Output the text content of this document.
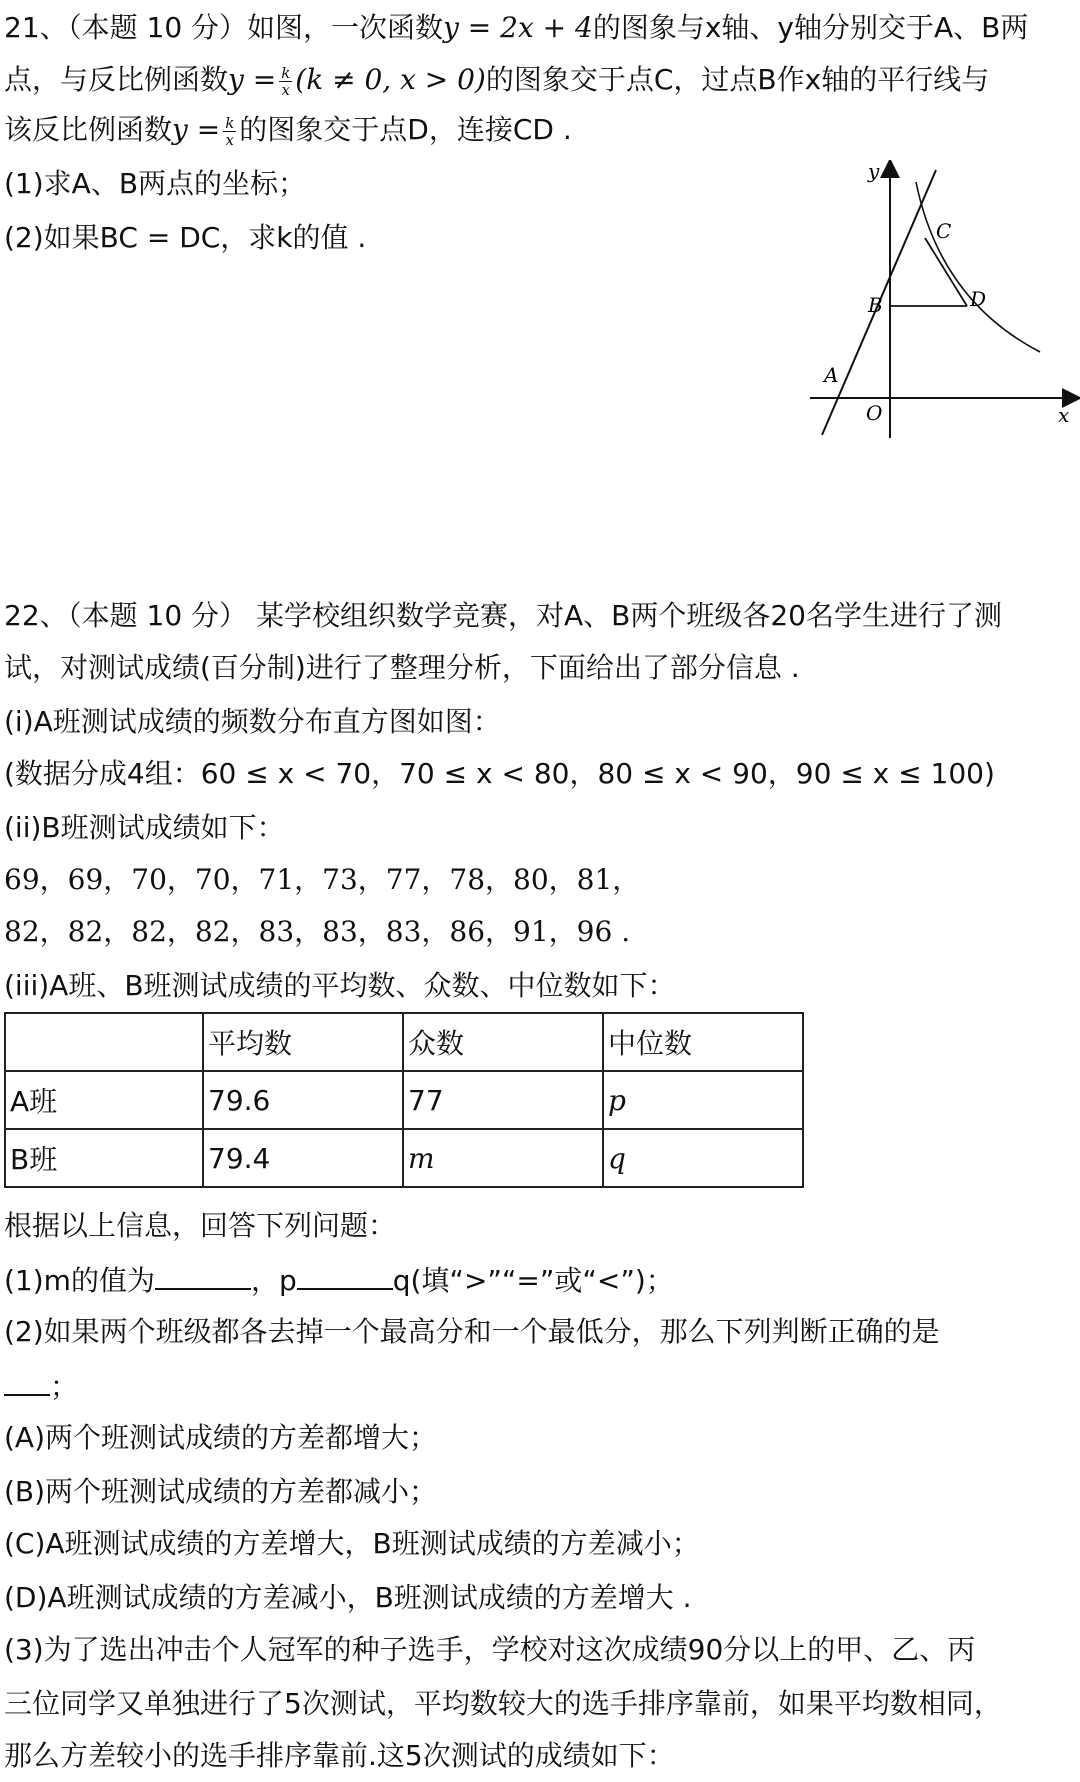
21、（本题 10 分）如图，一次函数y = 2x + 4的图象与x轴、y轴分别交于A、B两
点，与反比例函数$y = \frac{k}{x} (k \ne 0$, x > 0)的图象交于点C，过点B作x轴的平行线与
该反比例函数$y = \frac{k}{x}$ 的图象交于点D，连接CD .
(1)求A、B两点的坐标；
(2)如果BC = DC，求k的值 .
y
x
O
A
B
C
D
22、（本题 10 分） 某学校组织数学竞赛，对A、B两个班级各20名学生进行了测
试，对测试成绩(百分制)进行了整理分析，下面给出了部分信息 .
(i)A班测试成绩的频数分布直方图如图：
(数据分成4组：60 ≤ x < 70，70 ≤ x < 80，80 ≤ x < 90，90 ≤ x ≤ 100)
(ii)B班测试成绩如下：
69，69，70，70，71，73，77，78，80，81，
82，82，82，82，83，83，83，86，91，96 .
(iii)A班、B班测试成绩的平均数、众数、中位数如下：
	平均数	众数	中位数
A班	79.6	77	p
B班	79.4	m	q
根据以上信息，回答下列问题：
(1)m的值为	，p	q(填“>”“=”或“<”)；
(2)如果两个班级都各去掉一个最高分和一个最低分，那么下列判断正确的是
；
(A)两个班测试成绩的方差都增大；
(B)两个班测试成绩的方差都减小；
(C)A班测试成绩的方差增大，B班测试成绩的方差减小；
(D)A班测试成绩的方差减小，B班测试成绩的方差增大 .
(3)为了选出冲击个人冠军的种子选手，学校对这次成绩90分以上的甲、乙、丙
三位同学又单独进行了5次测试，平均数较大的选手排序靠前，如果平均数相同，
那么方差较小的选手排序靠前.这5次测试的成绩如下：
